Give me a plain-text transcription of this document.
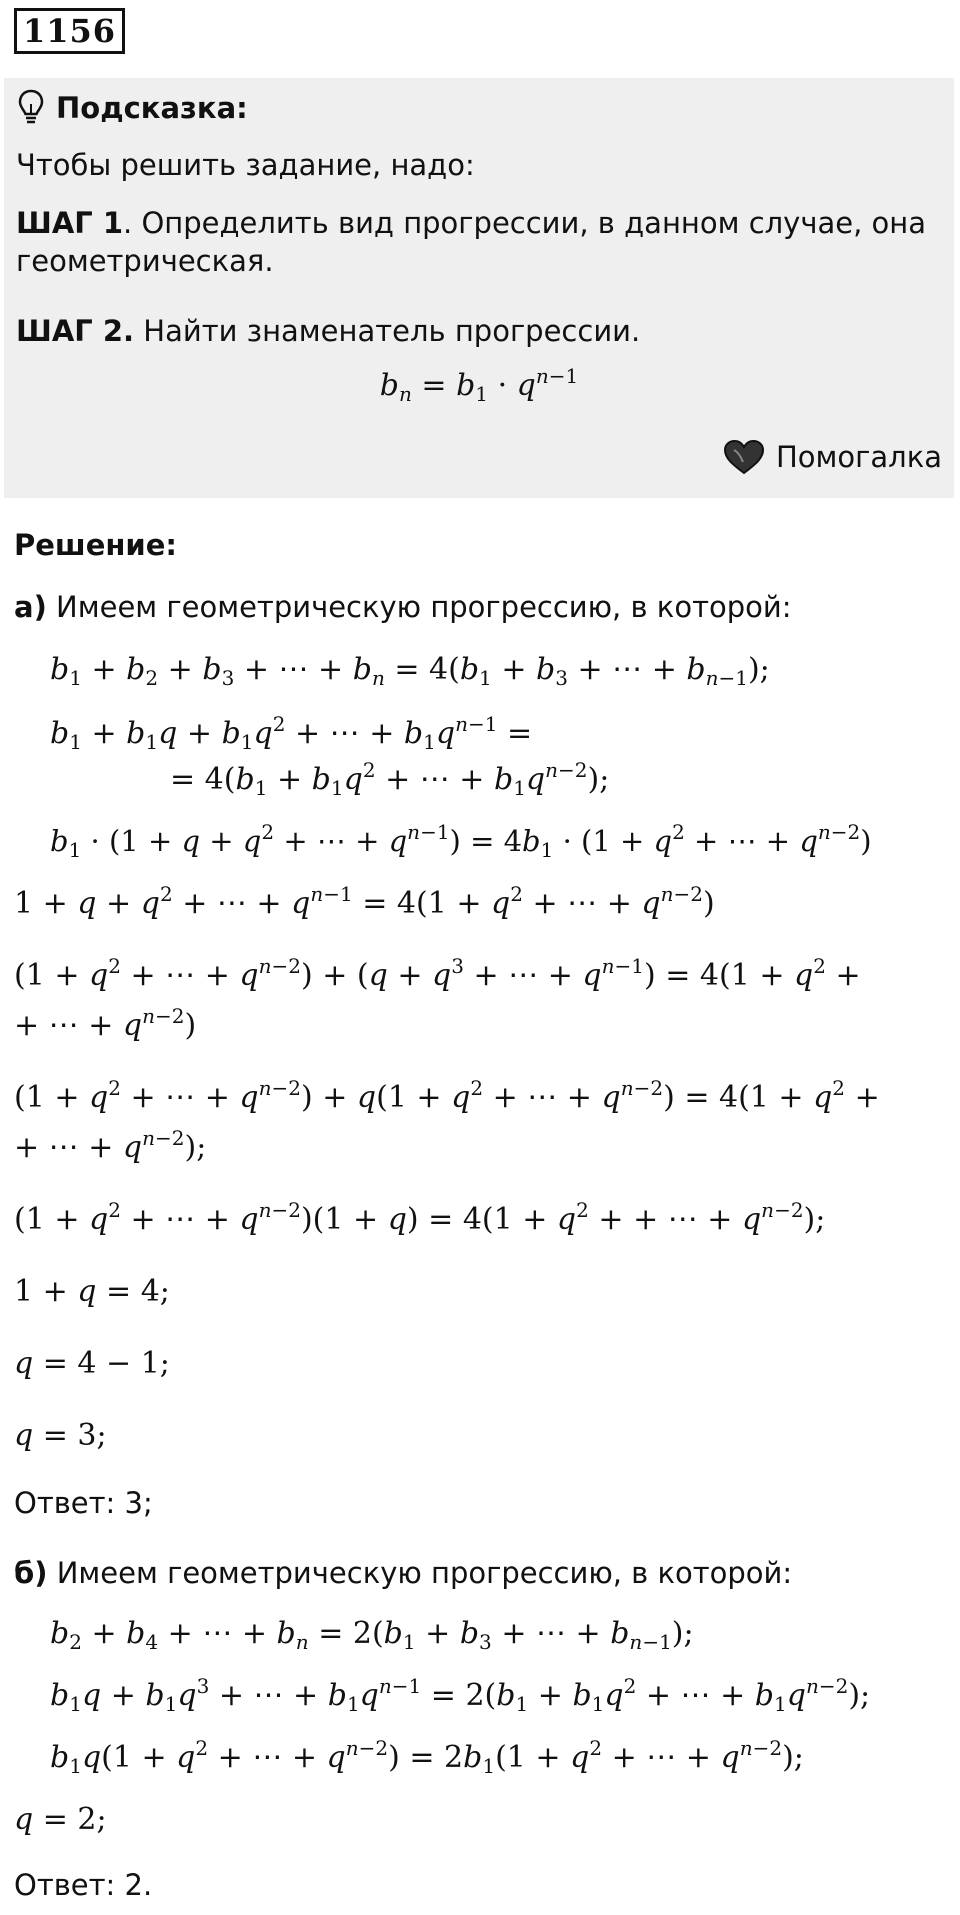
1156
Подсказка:
Чтобы решить задание, надо:
ШАГ 1. Определить вид прогрессии, в данном случае, она геометрическая.
ШАГ 2. Найти знаменатель прогрессии.
$b_n = b_1 \cdot q^{n-1}$
Помогалка
Решение:
а) Имеем геометрическую прогрессию, в которой:
$b_1 + b_2 + b_3$ + ⋯ + $b_n = 4(b_1 + b_3$ + ⋯ + $b_{n-1}$);
$b_1 + b_1q + b_1q^2$ + ⋯ + $b_1q^{n-1}$ =
= $4(b_1 + b_1q^2$ + ⋯ + $b_1q^{n-2}$);
$b_1 \cdot (1 + q + q^2$ + ⋯ + $q^{n-1}) = 4b_1 \cdot (1 + q^2$ + ⋯ + $q^{n-2}$)
$1 + q + q^2$ + ⋯ + $q^{n-1} = 4(1 + q^2$ + ⋯ + $q^{n-2}$)
($1 + q^2$ + ⋯ + $q^{n-2}) + (q + q^3$ + ⋯ + $q^{n-1}) = 4(1 + q^2$ +
+ ⋯ + $q^{n-2}$)
($1 + q^2$ + ⋯ + $q^{n-2}) + q(1 + q^2$ + ⋯ + $q^{n-2}) = 4(1 + q^2$ +
+ ⋯ + $q^{n-2}$);
($1 + q^2$ + ⋯ + $q^{n-2})(1 + q) = 4(1 + q^2$ + + ⋯ + $q^{n-2}$);
1 + q = 4;
q = 4 − 1;
q = 3;
Ответ: 3;
б) Имеем геометрическую прогрессию, в которой:
$b_2 + b_4$ + ⋯ + $b_n = 2(b_1 + b_3$ + ⋯ + $b_{n-1}$);
$b_1q + b_1q^3$ + ⋯ + $b_1q^{n-1} = 2(b_1 + b_1q^2$ + ⋯ + $b_1q^{n-2}$);
$b_1q(1 + q^2$ + ⋯ + $q^{n-2}) = 2b_1(1 + q^2$ + ⋯ + $q^{n-2}$);
q = 2;
Ответ: 2.
